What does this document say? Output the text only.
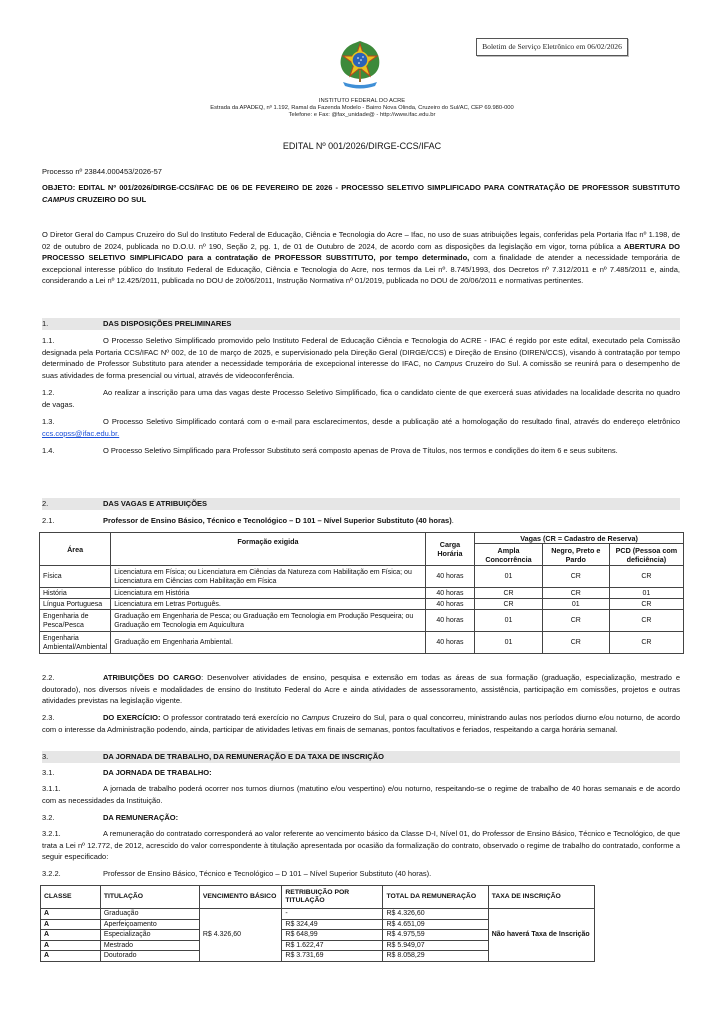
Boletim de Serviço Eletrônico em 06/02/2026
INSTITUTO FEDERAL DO ACRE
Estrada da APADEQ, nº 1.192, Ramal da Fazenda Modelo - Bairro Nova Olinda, Cruzeiro do Sul/AC, CEP 69.980-000
Telefone: e Fax: @fax_unidade@ - http://www.ifac.edu.br
EDITAL Nº 001/2026/DIRGE-CCS/IFAC
Processo nº 23844.000453/2026-57
OBJETO: EDITAL Nº 001/2026/DIRGE-CCS/IFAC DE 06 DE FEVEREIRO DE 2026 - PROCESSO SELETIVO SIMPLIFICADO PARA CONTRATAÇÃO DE PROFESSOR SUBSTITUTO CAMPUS CRUZEIRO DO SUL
O Diretor Geral do Campus Cruzeiro do Sul do Instituto Federal de Educação, Ciência e Tecnologia do Acre – Ifac, no uso de suas atribuições legais, conferidas pela Portaria Ifac nº 1.198, de 02 de outubro de 2024, publicada no D.O.U. nº 190, Seção 2, pg. 1, de 01 de Outubro de 2024, de acordo com as disposições da legislação em vigor, torna pública a ABERTURA DO PROCESSO SELETIVO SIMPLIFICADO para a contratação de PROFESSOR SUBSTITUTO, por tempo determinado, com a finalidade de atender a necessidade temporária de excepcional interesse público do Instituto Federal de Educação, Ciência e Tecnologia do Acre, nos termos da Lei nº. 8.745/1993, dos Decretos nº 7.312/2011 e nº 7.485/2011 e, ainda, considerando a Lei nº 12.425/2011, publicada no DOU de 20/06/2011, Instrução Normativa nº 01/2019, publicada no DOU de 20/06/2011 e normativas pertinentes.
1.	DAS DISPOSIÇÕES PRELIMINARES
1.1.	O Processo Seletivo Simplificado promovido pelo Instituto Federal de Educação Ciência e Tecnologia do ACRE - IFAC é regido por este edital, executado pela Comissão designada pela Portaria CCS/IFAC Nº 002, de 10 de março de 2025, e supervisionado pela Direção Geral (DIRGE/CCS) e Direção de Ensino (DIREN/CCS), visando à contratação por tempo determinado de Professor Substituto para atender a necessidade temporária de excepcional interesse do IFAC, no Campus Cruzeiro do Sul. A comissão se reunirá para o desempenho de suas atividades de forma presencial ou virtual, através de videoconferência.
1.2.	Ao realizar a inscrição para uma das vagas deste Processo Seletivo Simplificado, fica o candidato ciente de que exercerá suas atividades na localidade descrita no quadro de vagas.
1.3.	O Processo Seletivo Simplificado contará com o e-mail para esclarecimentos, desde a publicação até a homologação do resultado final, através do endereço eletrônico ccs.copss@ifac.edu.br.
1.4.	O Processo Seletivo Simplificado para Professor Substituto será composto apenas de Prova de Títulos, nos termos e condições do item 6 e seus subitens.
2.	DAS VAGAS E ATRIBUIÇÕES
2.1.	Professor de Ensino Básico, Técnico e Tecnológico – D 101 – Nível Superior Substituto (40 horas).
Área	Formação exigida	Carga Horária	Vagas (CR = Cadastro de Reserva)		
			Ampla Concorrência	Negro, Preto e Pardo	PCD (Pessoa com deficiência)
Física	Licenciatura em Física; ou Licenciatura em Ciências da Natureza com Habilitação em Física; ou Licenciatura em Ciências com Habilitação em Física	40 horas	01	CR	CR
História	Licenciatura em História	40 horas	CR	CR	01
Língua Portuguesa	Licenciatura em Letras Português.	40 horas	CR	01	CR
Engenharia de Pesca/Pesca	Graduação em Engenharia de Pesca; ou Graduação em Tecnologia em Produção Pesqueira; ou Graduação em Tecnologia em Aquicultura	40 horas	01	CR	CR
Engenharia Ambiental/Ambiental	Graduação em Engenharia Ambiental.	40 horas	01	CR	CR
2.2.	ATRIBUIÇÕES DO CARGO: Desenvolver atividades de ensino, pesquisa e extensão em todas as áreas de sua formação (graduação, especialização, mestrado e doutorado), nos diversos níveis e modalidades de ensino do Instituto Federal do Acre e ainda atividades de assessoramento, assistência, participação em comissões, projetos e outras atividades previstas na legislação vigente.
2.3.	DO EXERCÍCIO: O professor contratado terá exercício no Campus Cruzeiro do Sul, para o qual concorreu, ministrando aulas nos períodos diurno e/ou noturno, de acordo com o interesse da Administração podendo, ainda, participar de atividades letivas em finais de semanas, pontos facultativos e feriados, respeitando a carga horária semanal.
3.	DA JORNADA DE TRABALHO, DA REMUNERAÇÃO E DA TAXA DE INSCRIÇÃO
3.1.	DA JORNADA DE TRABALHO:
3.1.1.	A jornada de trabalho poderá ocorrer nos turnos diurnos (matutino e/ou vespertino) e/ou noturno, respeitando-se o regime de trabalho de 40 horas semanais e de acordo com as necessidades da Instituição.
3.2.	DA REMUNERAÇÃO:
3.2.1.	A remuneração do contratado corresponderá ao valor referente ao vencimento básico da Classe D-I, Nível 01, do Professor de Ensino Básico, Técnico e Tecnológico, de que trata a Lei nº 12.772, de 2012, acrescido do valor correspondente à titulação apresentada por ocasião da formalização do contrato, observado o regime de trabalho do contratado, conforme a seguir especificado:
3.2.2.	Professor de Ensino Básico, Técnico e Tecnológico – D 101 – Nível Superior Substituto (40 horas).
CLASSE	TITULAÇÃO	VENCIMENTO BÁSICO	RETRIBUIÇÃO POR TITULAÇÃO	TOTAL DA REMUNERAÇÃO	TAXA DE INSCRIÇÃO
A	Graduação	R$ 4.326,60	-	R$ 4.326,60	Não haverá Taxa de Inscrição
A	Aperfeiçoamento		R$ 324,49	R$ 4.651,09	
A	Especialização		R$ 648,99	R$ 4.975,59	
A	Mestrado		R$ 1.622,47	R$ 5.949,07	
A	Doutorado		R$ 3.731,69	R$ 8.058,29	
